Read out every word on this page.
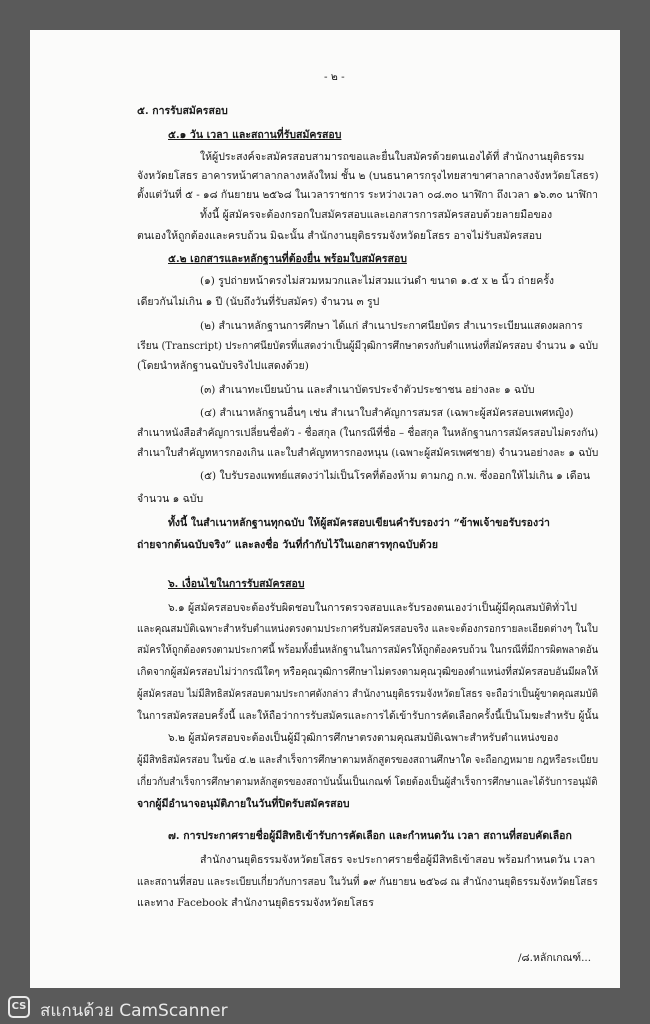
- ๒ -
๕. การรับสมัครสอบ
๕.๑ วัน เวลา และสถานที่รับสมัครสอบ
ให้ผู้ประสงค์จะสมัครสอบสามารถขอและยื่นใบสมัครด้วยตนเองได้ที่ สำนักงานยุติธรรม
จังหวัดยโสธร อาคารหน้าศาลากลางหลังใหม่ ชั้น ๒ (บนธนาคารกรุงไทยสาขาศาลากลางจังหวัดยโสธร)
ตั้งแต่วันที่ ๕ - ๑๘ กันยายน ๒๕๖๘ ในเวลาราชการ ระหว่างเวลา ๐๘.๓๐ นาฬิกา ถึงเวลา ๑๖.๓๐ นาฬิกา
ทั้งนี้ ผู้สมัครจะต้องกรอกใบสมัครสอบและเอกสารการสมัครสอบด้วยลายมือของ
ตนเองให้ถูกต้องและครบถ้วน มิฉะนั้น สำนักงานยุติธรรมจังหวัดยโสธร อาจไม่รับสมัครสอบ
๕.๒ เอกสารและหลักฐานที่ต้องยื่น พร้อมใบสมัครสอบ
(๑) รูปถ่ายหน้าตรงไม่สวมหมวกและไม่สวมแว่นดำ ขนาด ๑.๕ x ๒ นิ้ว ถ่ายครั้ง
เดียวกันไม่เกิน ๑ ปี (นับถึงวันที่รับสมัคร) จำนวน ๓ รูป
(๒) สำเนาหลักฐานการศึกษา ได้แก่ สำเนาประกาศนียบัตร สำเนาระเบียนแสดงผลการ
เรียน (Transcript) ประกาศนียบัตรที่แสดงว่าเป็นผู้มีวุฒิการศึกษาตรงกับตำแหน่งที่สมัครสอบ จำนวน ๑ ฉบับ
(โดยนำหลักฐานฉบับจริงไปแสดงด้วย)
(๓) สำเนาทะเบียนบ้าน และสำเนาบัตรประจำตัวประชาชน อย่างละ ๑ ฉบับ
(๔) สำเนาหลักฐานอื่นๆ เช่น สำเนาใบสำคัญการสมรส (เฉพาะผู้สมัครสอบเพศหญิง)
สำเนาหนังสือสำคัญการเปลี่ยนชื่อตัว - ชื่อสกุล (ในกรณีที่ชื่อ – ชื่อสกุล ในหลักฐานการสมัครสอบไม่ตรงกัน)
สำเนาใบสำคัญทหารกองเกิน และใบสำคัญทหารกองหนุน (เฉพาะผู้สมัครเพศชาย) จำนวนอย่างละ ๑ ฉบับ
(๕) ใบรับรองแพทย์แสดงว่าไม่เป็นโรคที่ต้องห้าม ตามกฎ ก.พ. ซึ่งออกให้ไม่เกิน ๑ เดือน
จำนวน ๑ ฉบับ
ทั้งนี้ ในสำเนาหลักฐานทุกฉบับ ให้ผู้สมัครสอบเขียนคำรับรองว่า “ข้าพเจ้าขอรับรองว่า
ถ่ายจากต้นฉบับจริง” และลงชื่อ วันที่กำกับไว้ในเอกสารทุกฉบับด้วย
๖. เงื่อนไขในการรับสมัครสอบ
๖.๑ ผู้สมัครสอบจะต้องรับผิดชอบในการตรวจสอบและรับรองตนเองว่าเป็นผู้มีคุณสมบัติทั่วไป
และคุณสมบัติเฉพาะสำหรับตำแหน่งตรงตามประกาศรับสมัครสอบจริง และจะต้องกรอกรายละเอียดต่างๆ ในใบ
สมัครให้ถูกต้องตรงตามประกาศนี้ พร้อมทั้งยื่นหลักฐานในการสมัครให้ถูกต้องครบถ้วน ในกรณีที่มีการผิดพลาดอัน
เกิดจากผู้สมัครสอบไม่ว่ากรณีใดๆ หรือคุณวุฒิการศึกษาไม่ตรงตามคุณวุฒิของตำแหน่งที่สมัครสอบอันมีผลให้
ผู้สมัครสอบ ไม่มีสิทธิสมัครสอบตามประกาศดังกล่าว สำนักงานยุติธรรมจังหวัดยโสธร จะถือว่าเป็นผู้ขาดคุณสมบัติ
ในการสมัครสอบครั้งนี้ และให้ถือว่าการรับสมัครและการได้เข้ารับการคัดเลือกครั้งนี้เป็นโมฆะสำหรับ ผู้นั้น
๖.๒ ผู้สมัครสอบจะต้องเป็นผู้มีวุฒิการศึกษาตรงตามคุณสมบัติเฉพาะสำหรับตำแหน่งของ
ผู้มีสิทธิสมัครสอบ ในข้อ ๔.๒ และสำเร็จการศึกษาตามหลักสูตรของสถานศึกษาใด จะถือกฎหมาย กฎหรือระเบียบ
เกี่ยวกับสำเร็จการศึกษาตามหลักสูตรของสถาบันนั้นเป็นเกณฑ์ โดยต้องเป็นผู้สำเร็จการศึกษาและได้รับการอนุมัติ
จากผู้มีอำนาจอนุมัติภายในวันที่ปิดรับสมัครสอบ
๗. การประกาศรายชื่อผู้มีสิทธิเข้ารับการคัดเลือก และกำหนดวัน เวลา สถานที่สอบคัดเลือก
สำนักงานยุติธรรมจังหวัดยโสธร จะประกาศรายชื่อผู้มีสิทธิเข้าสอบ พร้อมกำหนดวัน เวลา
และสถานที่สอบ และระเบียบเกี่ยวกับการสอบ ในวันที่ ๑๙ กันยายน ๒๕๖๘ ณ สำนักงานยุติธรรมจังหวัดยโสธร
และทาง Facebook สำนักงานยุติธรรมจังหวัดยโสธร
/๘.หลักเกณฑ์...
CS สแกนด้วย CamScanner
